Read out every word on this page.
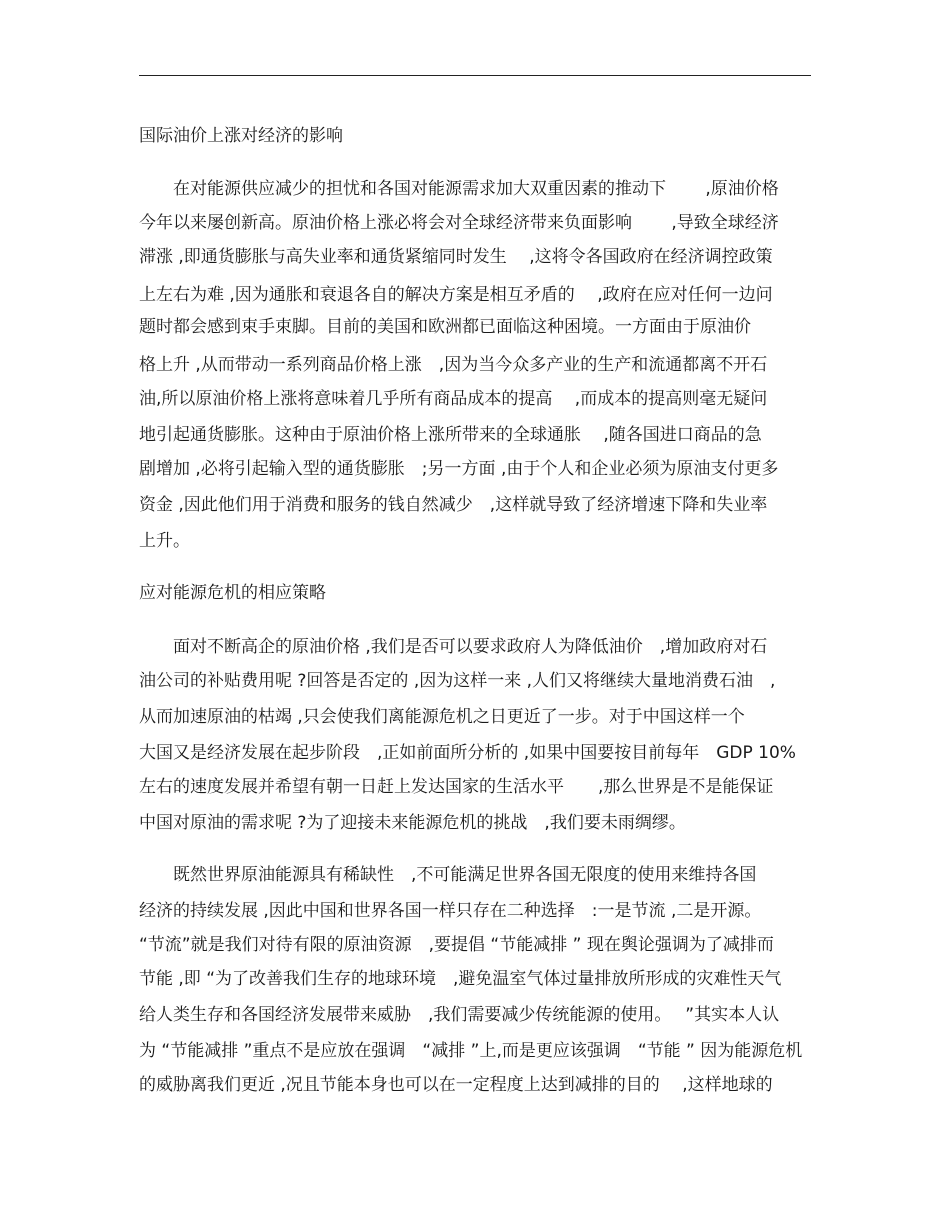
国际油价上涨对经济的影响
　　在对能源供应减少的担忧和各国对能源需求加大双重因素的推动下　　 ,原油价格
今年以来屡创新高。原油价格上涨必将会对全球经济带来负面影响　　 ,导致全球经济
滞涨 ,即通货膨胀与高失业率和通货紧缩同时发生　 ,这将令各国政府在经济调控政策
上左右为难 ,因为通胀和衰退各自的解决方案是相互矛盾的　 ,政府在应对任何一边问
题时都会感到束手束脚。目前的美国和欧洲都已面临这种困境。一方面由于原油价
格上升 ,从而带动一系列商品价格上涨　,因为当今众多产业的生产和流通都离不开石
油,所以原油价格上涨将意味着几乎所有商品成本的提高　 ,而成本的提高则毫无疑问
地引起通货膨胀。这种由于原油价格上涨所带来的全球通胀　 ,随各国进口商品的急
剧增加 ,必将引起输入型的通货膨胀　;另一方面 ,由于个人和企业必须为原油支付更多
资金 ,因此他们用于消费和服务的钱自然减少　,这样就导致了经济增速下降和失业率
上升。
应对能源危机的相应策略
　　面对不断高企的原油价格 ,我们是否可以要求政府人为降低油价　,增加政府对石
油公司的补贴费用呢 ?回答是否定的 ,因为这样一来 ,人们又将继续大量地消费石油　,
从而加速原油的枯竭 ,只会使我们离能源危机之日更近了一步。对于中国这样一个
大国又是经济发展在起步阶段　,正如前面所分析的 ,如果中国要按目前每年　GDP 10%
左右的速度发展并希望有朝一日赶上发达国家的生活水平　　,那么世界是不是能保证
中国对原油的需求呢 ?为了迎接未来能源危机的挑战　,我们要未雨绸缪。
　　既然世界原油能源具有稀缺性　,不可能满足世界各国无限度的使用来维持各国
经济的持续发展 ,因此中国和世界各国一样只存在二种选择　:一是节流 ,二是开源。
“节流”就是我们对待有限的原油资源　,要提倡 “节能减排 ” 现在舆论强调为了减排而
节能 ,即 “为了改善我们生存的地球环境　,避免温室气体过量排放所形成的灾难性天气
给人类生存和各国经济发展带来威胁　,我们需要减少传统能源的使用。　 ”其实本人认
为 “节能减排 ”重点不是应放在强调　“减排 ”上,而是更应该强调　“节能 ” 因为能源危机
的威胁离我们更近 ,况且节能本身也可以在一定程度上达到减排的目的　 ,这样地球的
